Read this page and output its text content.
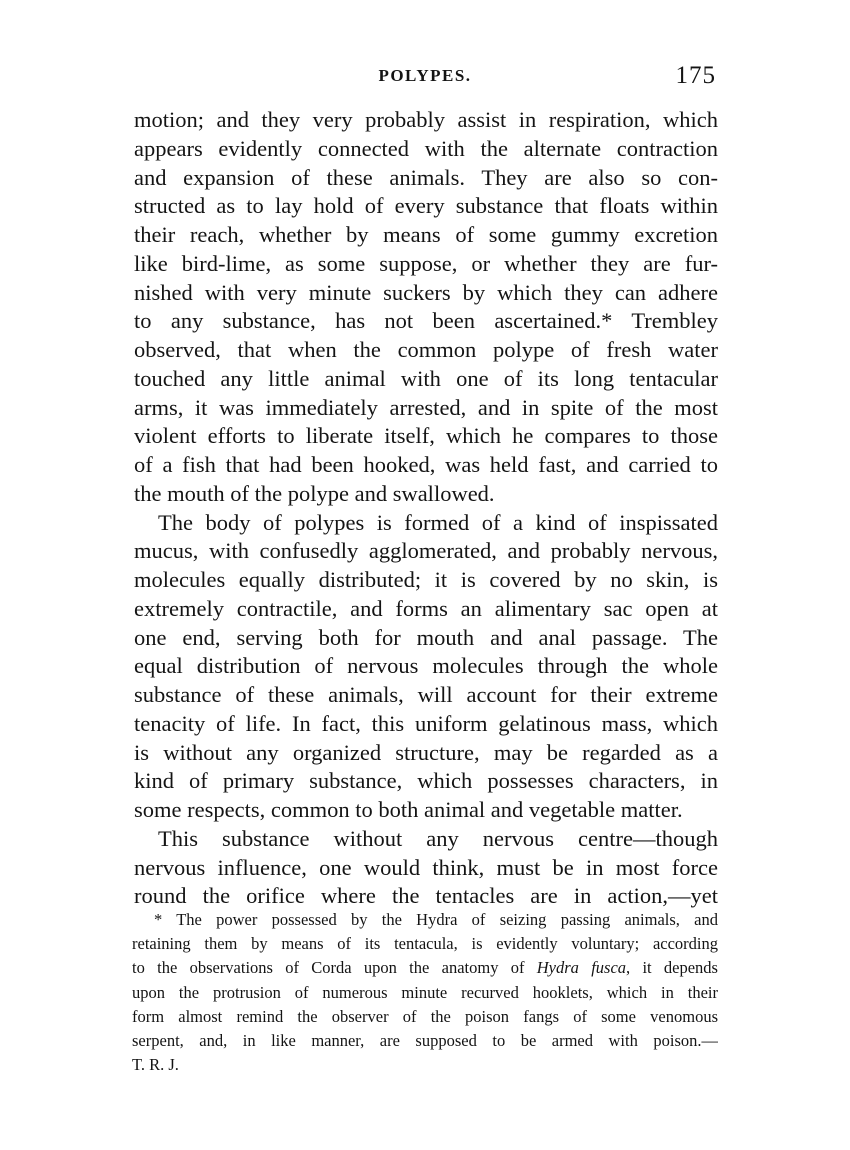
POLYPES.	175
motion; and they very probably assist in respiration, which
appears evidently connected with the alternate contraction
and expansion of these animals. They are also so con-
structed as to lay hold of every substance that floats within
their reach, whether by means of some gummy excretion
like bird-lime, as some suppose, or whether they are fur-
nished with very minute suckers by which they can adhere
to any substance, has not been ascertained.* Trembley
observed, that when the common polype of fresh water
touched any little animal with one of its long tentacular
arms, it was immediately arrested, and in spite of the most
violent efforts to liberate itself, which he compares to those
of a fish that had been hooked, was held fast, and carried to
the mouth of the polype and swallowed.
The body of polypes is formed of a kind of inspissated
mucus, with confusedly agglomerated, and probably nervous,
molecules equally distributed; it is covered by no skin, is
extremely contractile, and forms an alimentary sac open at
one end, serving both for mouth and anal passage. The
equal distribution of nervous molecules through the whole
substance of these animals, will account for their extreme
tenacity of life. In fact, this uniform gelatinous mass, which
is without any organized structure, may be regarded as a
kind of primary substance, which possesses characters, in
some respects, common to both animal and vegetable matter.
This substance without any nervous centre—though
nervous influence, one would think, must be in most force
round the orifice where the tentacles are in action,—yet
* The power possessed by the Hydra of seizing passing animals, and
retaining them by means of its tentacula, is evidently voluntary; according
to the observations of Corda upon the anatomy of Hydra fusca, it depends
upon the protrusion of numerous minute recurved hooklets, which in their
form almost remind the observer of the poison fangs of some venomous
serpent, and, in like manner, are supposed to be armed with poison.—
T. R. J.
